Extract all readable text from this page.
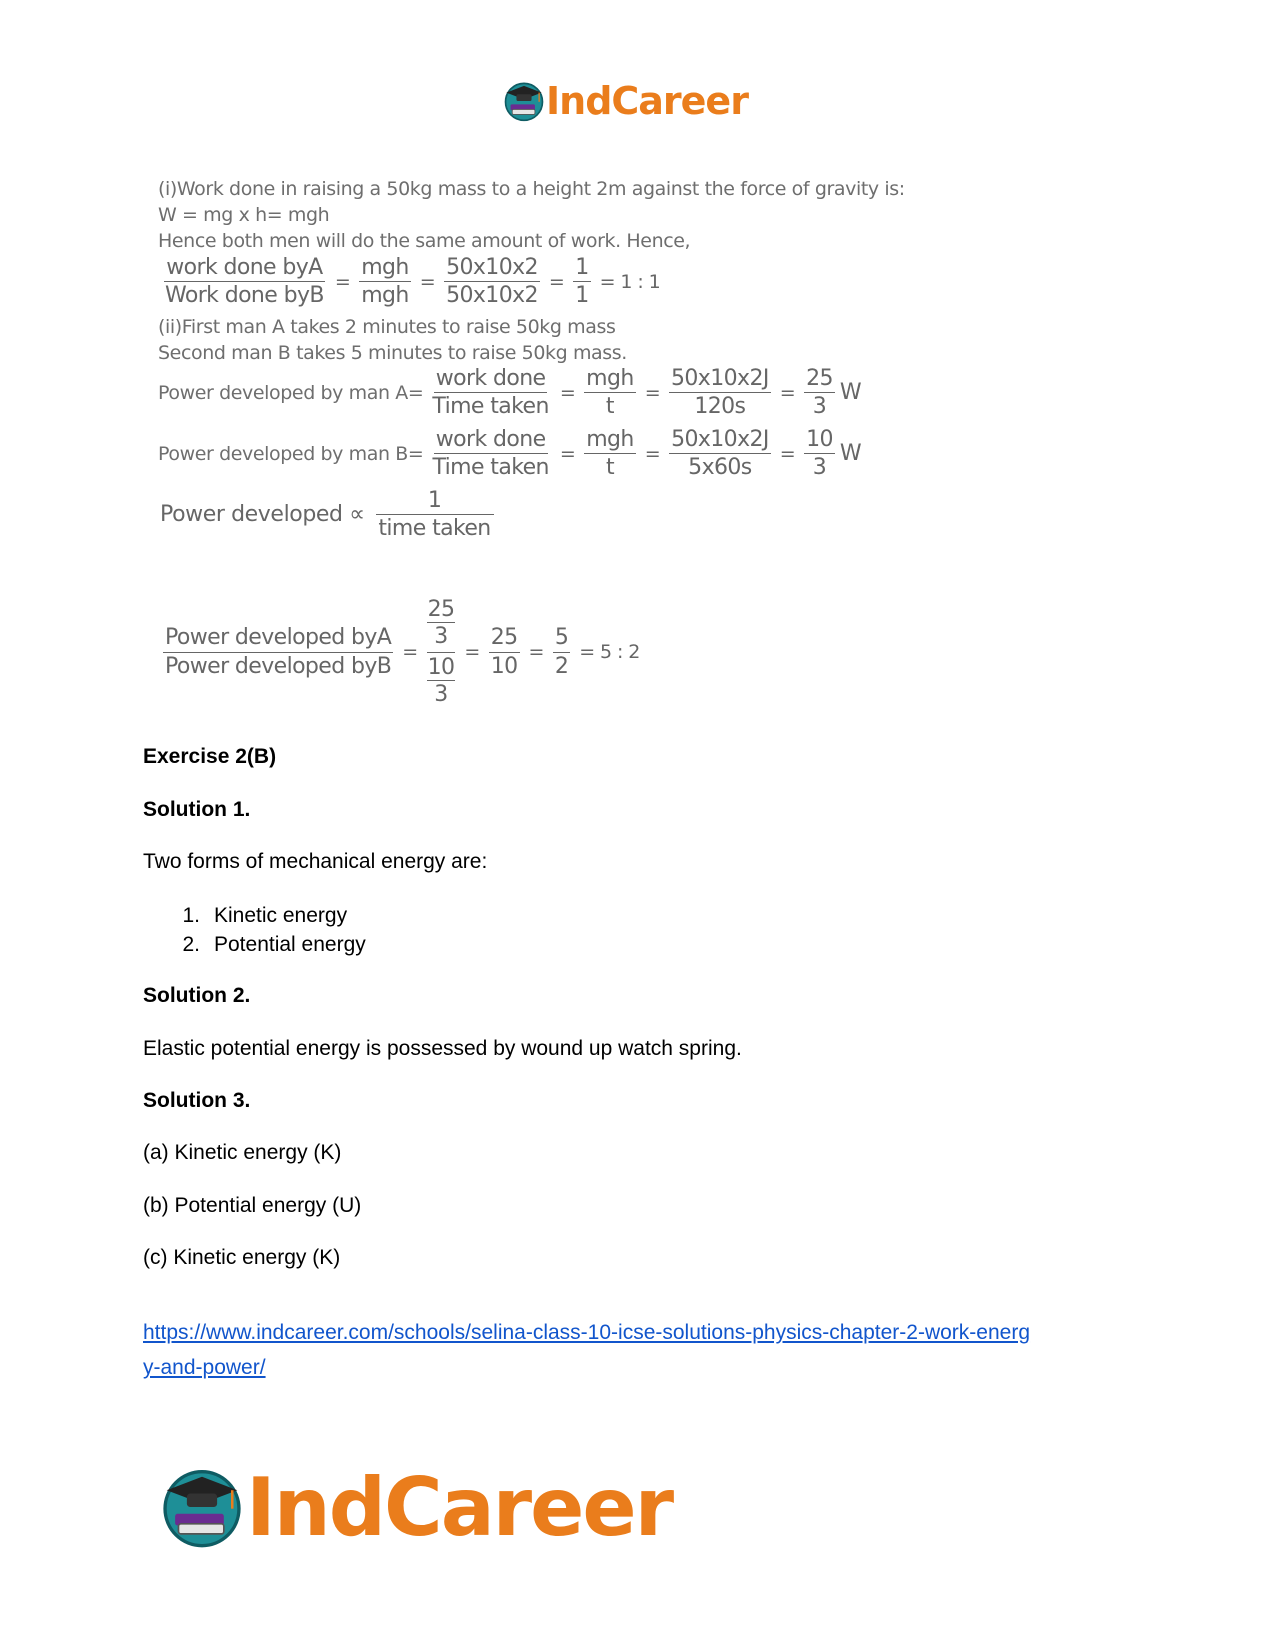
IndCareer
(i)Work done in raising a 50kg mass to a height 2m against the force of gravity is:
W = mg x h= mgh
Hence both men will do the same amount of work. Hence,
$\frac{\text{work done byA}}{\text{Work done byB}} = \frac{\text{mgh}}{\text{mgh}} = \frac{50x10x2}{50x10x2} = \frac{1}{1} = 1$ : 1
(ii)First man A takes 2 minutes to raise 50kg mass
Second man B takes 5 minutes to raise 50kg mass.
Power developed by man $A= \frac{\text{work done}}{\text{Time taken}} = \frac{\text{mgh}}{t} = \frac{50x10x2J}{120s} = \frac{25}{3}$ W
Power developed by man $B= \frac{\text{work done}}{\text{Time taken}} = \frac{\text{mgh}}{t} = \frac{50x10x2J}{5x60s} = \frac{10}{3}$ W
Power developed ∝ $\frac{1}{\text{time taken}}$
$\frac{\text{Power developed byA}}{\text{Power developed byB}} = \frac{\frac{25}{3}}{\frac{10}{3}} = \frac{25}{10} = \frac{5}{2} = 5$ : 2
Exercise 2(B)
Solution 1.
Two forms of mechanical energy are:
1. Kinetic energy
2. Potential energy
Solution 2.
Elastic potential energy is possessed by wound up watch spring.
Solution 3.
(a) Kinetic energy (K)
(b) Potential energy (U)
(c) Kinetic energy (K)
https://www.indcareer.com/schools/selina-class-10-icse-solutions-physics-chapter-2-work-energ
y-and-power/
IndCareer
